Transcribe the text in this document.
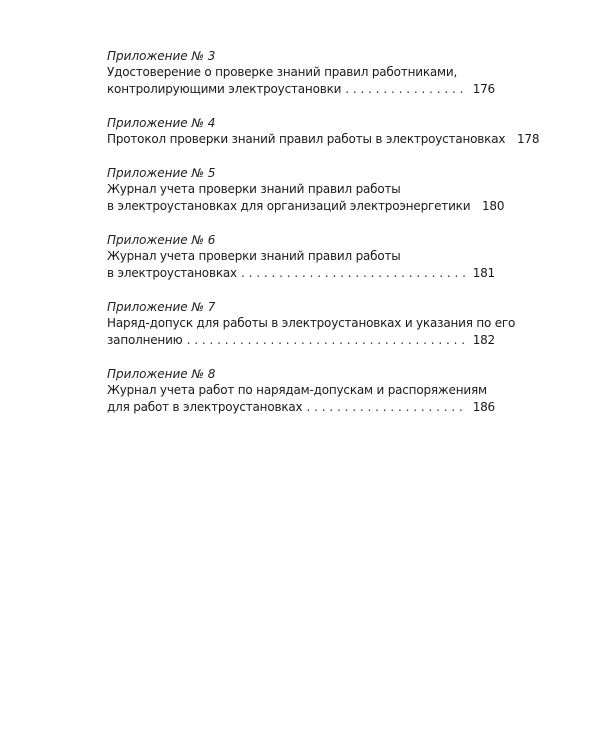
Приложение № 3
Удостоверение о проверке знаний правил работниками,
контролирующими электроустановки . . .	176
Приложение № 4
Протокол проверки знаний правил работы в электроустановках 178
Приложение № 5
Журнал учета проверки знаний правил работы
в электроустановках для организаций электроэнергетики 180
Приложение № 6
Журнал учета проверки знаний правил работы
в электроустановках . . .	181
Приложение № 7
Наряд-допуск для работы в электроустановках и указания по его
заполнению . . .	182
Приложение № 8
Журнал учета работ по нарядам-допускам и распоряжениям
для работ в электроустановках . . .	186
